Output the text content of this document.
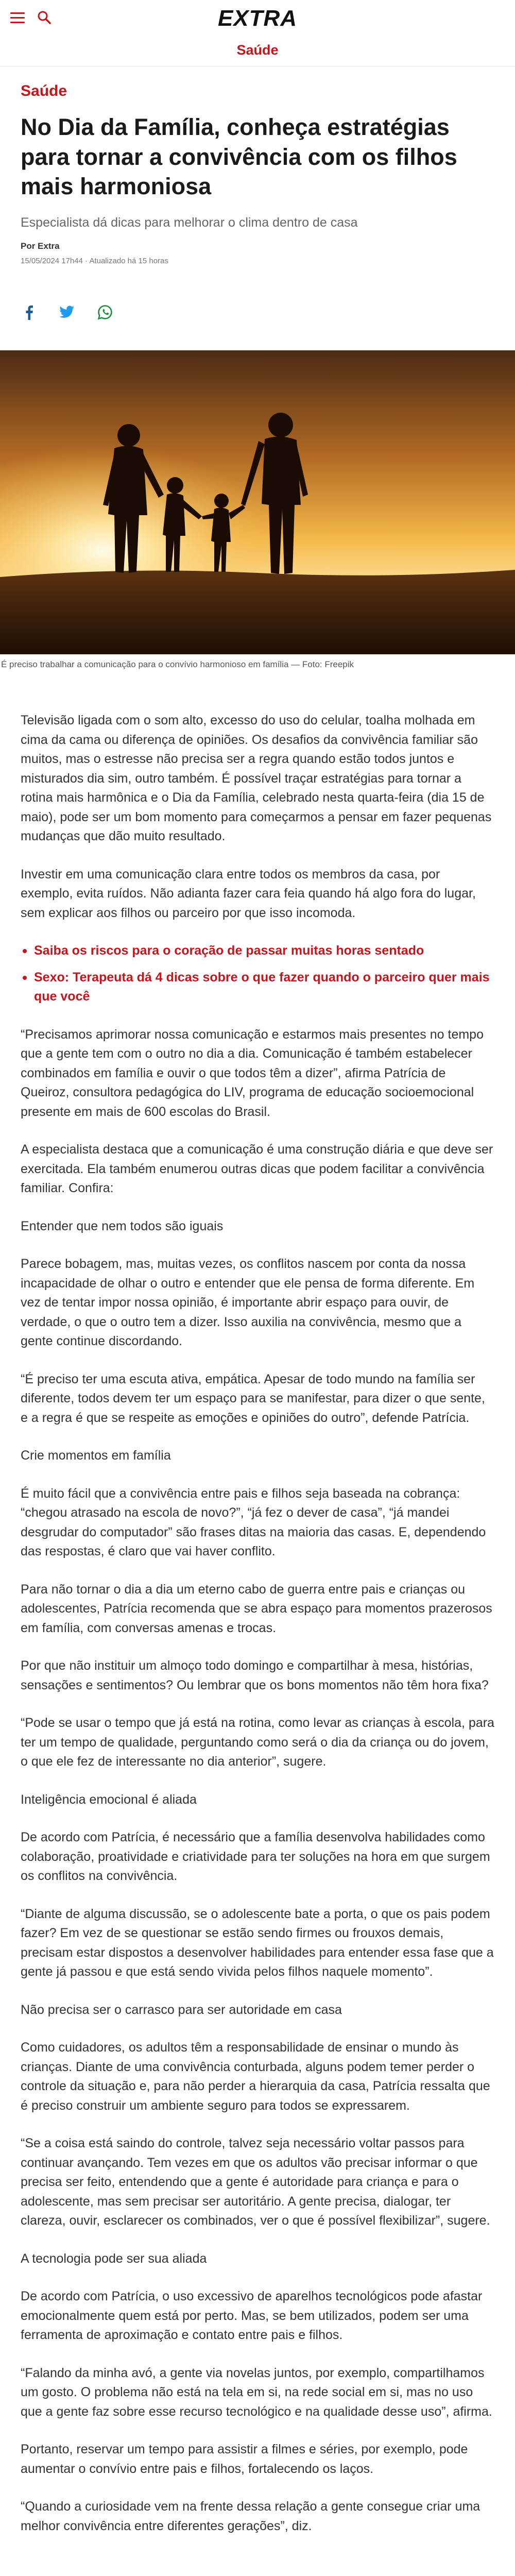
EXTRA
Saúde
Saúde
No Dia da Família, conheça estratégias para tornar a convivência com os filhos mais harmoniosa
Especialista dá dicas para melhorar o clima dentro de casa
Por Extra
15/05/2024 17h44 · Atualizado há 15 horas
É preciso trabalhar a comunicação para o convívio harmonioso em família — Foto: Freepik

Televisão ligada com o som alto, excesso do uso do celular, toalha molhada em cima da cama ou diferença de opiniões. Os desafios da convivência familiar são muitos, mas o estresse não precisa ser a regra quando estão todos juntos e misturados dia sim, outro também. É possível traçar estratégias para tornar a rotina mais harmônica e o Dia da Família, celebrado nesta quarta-feira (dia 15 de maio), pode ser um bom momento para começarmos a pensar em fazer pequenas mudanças que dão muito resultado.

Investir em uma comunicação clara entre todos os membros da casa, por exemplo, evita ruídos. Não adianta fazer cara feia quando há algo fora do lugar, sem explicar aos filhos ou parceiro por que isso incomoda.

Saiba os riscos para o coração de passar muitas horas sentado
Sexo: Terapeuta dá 4 dicas sobre o que fazer quando o parceiro quer mais que você

“Precisamos aprimorar nossa comunicação e estarmos mais presentes no tempo que a gente tem com o outro no dia a dia. Comunicação é também estabelecer combinados em família e ouvir o que todos têm a dizer”, afirma Patrícia de Queiroz, consultora pedagógica do LIV, programa de educação socioemocional presente em mais de 600 escolas do Brasil.

A especialista destaca que a comunicação é uma construção diária e que deve ser exercitada. Ela também enumerou outras dicas que podem facilitar a convivência familiar. Confira:

Entender que nem todos são iguais

Parece bobagem, mas, muitas vezes, os conflitos nascem por conta da nossa incapacidade de olhar o outro e entender que ele pensa de forma diferente. Em vez de tentar impor nossa opinião, é importante abrir espaço para ouvir, de verdade, o que o outro tem a dizer. Isso auxilia na convivência, mesmo que a gente continue discordando.

“É preciso ter uma escuta ativa, empática. Apesar de todo mundo na família ser diferente, todos devem ter um espaço para se manifestar, para dizer o que sente, e a regra é que se respeite as emoções e opiniões do outro”, defende Patrícia.

Crie momentos em família

É muito fácil que a convivência entre pais e filhos seja baseada na cobrança: “chegou atrasado na escola de novo?”, “já fez o dever de casa”, “já mandei desgrudar do computador” são frases ditas na maioria das casas. E, dependendo das respostas, é claro que vai haver conflito.

Para não tornar o dia a dia um eterno cabo de guerra entre pais e crianças ou adolescentes, Patrícia recomenda que se abra espaço para momentos prazerosos em família, com conversas amenas e trocas.

Por que não instituir um almoço todo domingo e compartilhar à mesa, histórias, sensações e sentimentos? Ou lembrar que os bons momentos não têm hora fixa?

“Pode se usar o tempo que já está na rotina, como levar as crianças à escola, para ter um tempo de qualidade, perguntando como será o dia da criança ou do jovem, o que ele fez de interessante no dia anterior”, sugere.

Inteligência emocional é aliada

De acordo com Patrícia, é necessário que a família desenvolva habilidades como colaboração, proatividade e criatividade para ter soluções na hora em que surgem os conflitos na convivência.

“Diante de alguma discussão, se o adolescente bate a porta, o que os pais podem fazer? Em vez de se questionar se estão sendo firmes ou frouxos demais, precisam estar dispostos a desenvolver habilidades para entender essa fase que a gente já passou e que está sendo vivida pelos filhos naquele momento”.

Não precisa ser o carrasco para ser autoridade em casa

Como cuidadores, os adultos têm a responsabilidade de ensinar o mundo às crianças. Diante de uma convivência conturbada, alguns podem temer perder o controle da situação e, para não perder a hierarquia da casa, Patrícia ressalta que é preciso construir um ambiente seguro para todos se expressarem.

“Se a coisa está saindo do controle, talvez seja necessário voltar passos para continuar avançando. Tem vezes em que os adultos vão precisar informar o que precisa ser feito, entendendo que a gente é autoridade para criança e para o adolescente, mas sem precisar ser autoritário. A gente precisa, dialogar, ter clareza, ouvir, esclarecer os combinados, ver o que é possível flexibilizar”, sugere.

A tecnologia pode ser sua aliada

De acordo com Patrícia, o uso excessivo de aparelhos tecnológicos pode afastar emocionalmente quem está por perto. Mas, se bem utilizados, podem ser uma ferramenta de aproximação e contato entre pais e filhos.

“Falando da minha avó, a gente via novelas juntos, por exemplo, compartilhamos um gosto. O problema não está na tela em si, na rede social em si, mas no uso que a gente faz sobre esse recurso tecnológico e na qualidade desse uso”, afirma.

Portanto, reservar um tempo para assistir a filmes e séries, por exemplo, pode aumentar o convívio entre pais e filhos, fortalecendo os laços.

“Quando a curiosidade vem na frente dessa relação a gente consegue criar uma melhor convivência entre diferentes gerações”, diz.
